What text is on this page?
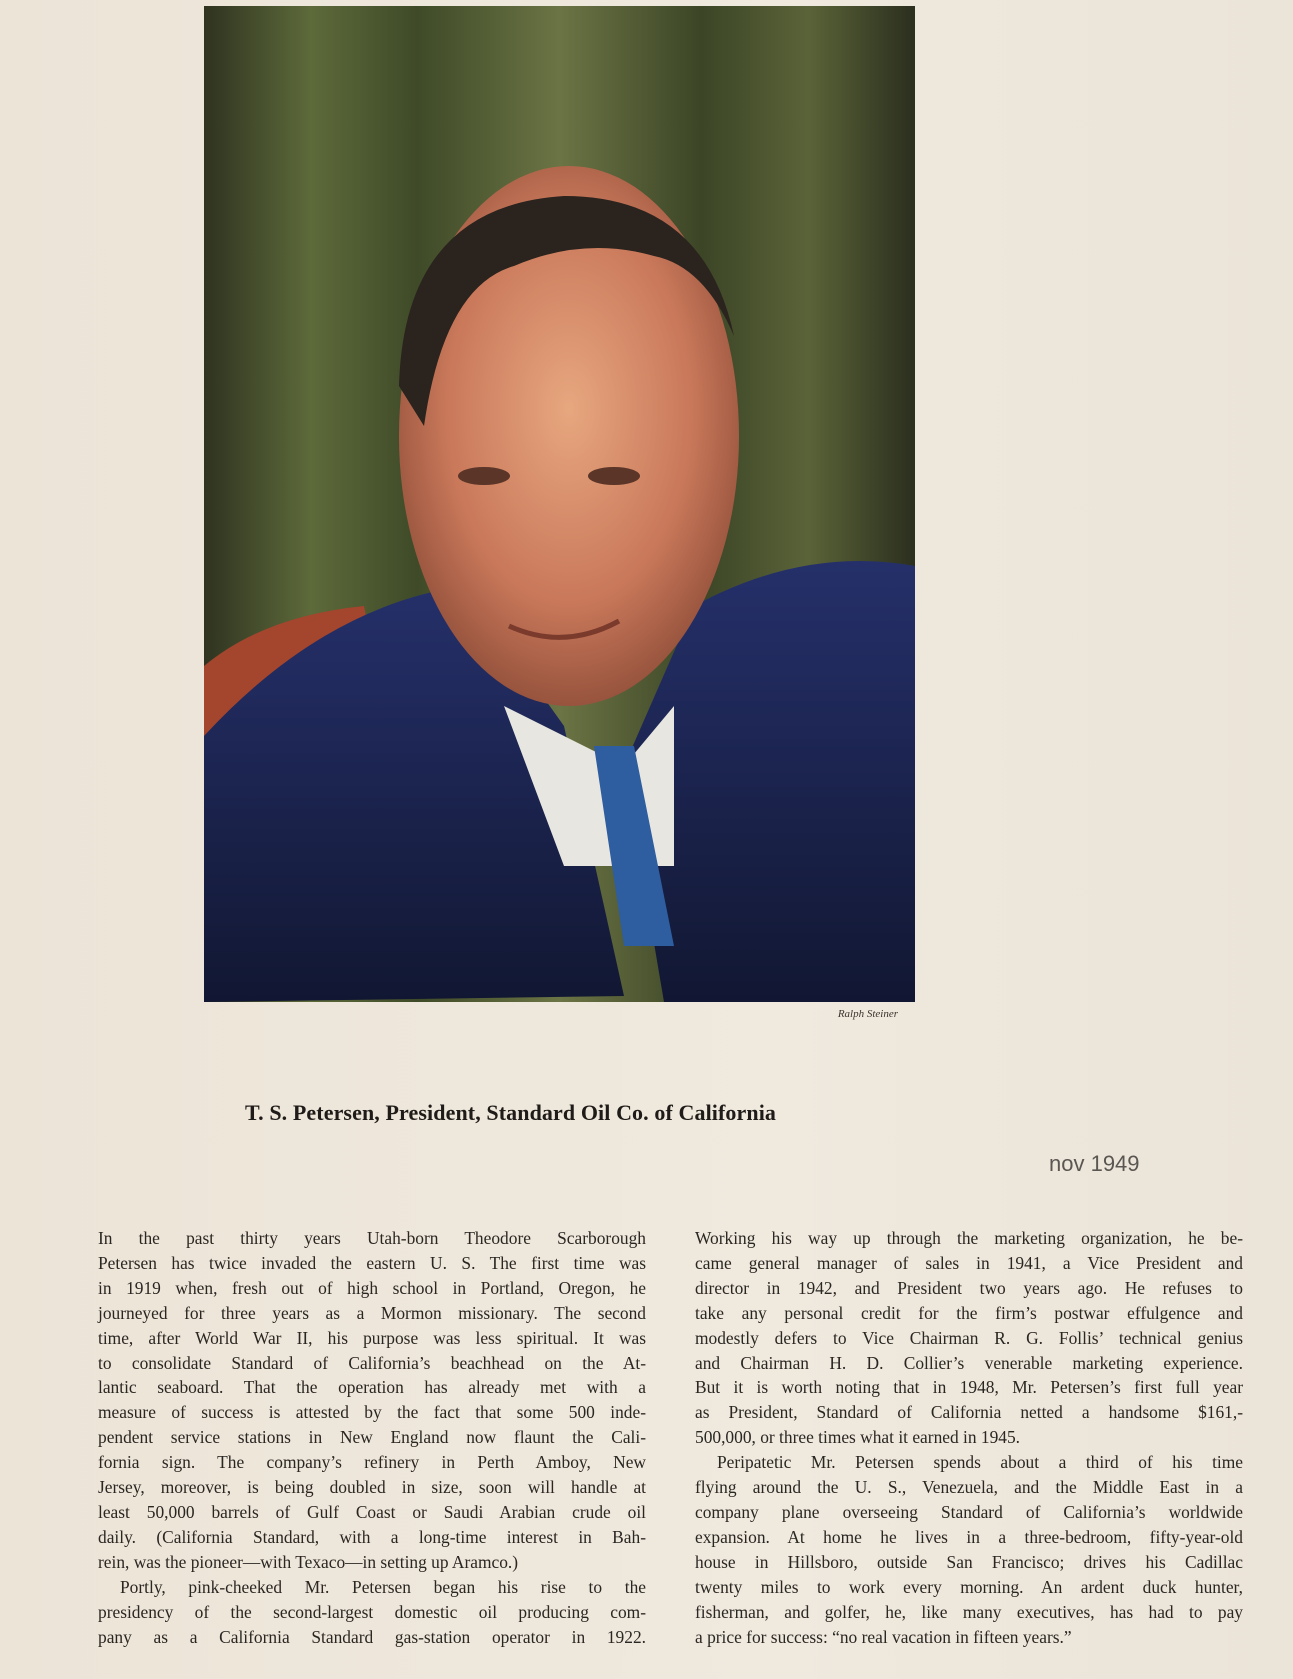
Ralph Steiner
T. S. Petersen, President, Standard Oil Co. of California
nov 1949
In the past thirty years Utah-born Theodore Scarborough
Petersen has twice invaded the eastern U. S. The first time was
in 1919 when, fresh out of high school in Portland, Oregon, he
journeyed for three years as a Mormon missionary. The second
time, after World War II, his purpose was less spiritual. It was
to consolidate Standard of California’s beachhead on the At-
lantic seaboard. That the operation has already met with a
measure of success is attested by the fact that some 500 inde-
pendent service stations in New England now flaunt the Cali-
fornia sign. The company’s refinery in Perth Amboy, New
Jersey, moreover, is being doubled in size, soon will handle at
least 50,000 barrels of Gulf Coast or Saudi Arabian crude oil
daily. (California Standard, with a long-time interest in Bah-
rein, was the pioneer—with Texaco—in setting up Aramco.)
Portly, pink-cheeked Mr. Petersen began his rise to the
presidency of the second-largest domestic oil producing com-
pany as a California Standard gas-station operator in 1922.
Working his way up through the marketing organization, he be-
came general manager of sales in 1941, a Vice President and
director in 1942, and President two years ago. He refuses to
take any personal credit for the firm’s postwar effulgence and
modestly defers to Vice Chairman R. G. Follis’ technical genius
and Chairman H. D. Collier’s venerable marketing experience.
But it is worth noting that in 1948, Mr. Petersen’s first full year
as President, Standard of California netted a handsome $161,-
500,000, or three times what it earned in 1945.
Peripatetic Mr. Petersen spends about a third of his time
flying around the U. S., Venezuela, and the Middle East in a
company plane overseeing Standard of California’s worldwide
expansion. At home he lives in a three-bedroom, fifty-year-old
house in Hillsboro, outside San Francisco; drives his Cadillac
twenty miles to work every morning. An ardent duck hunter,
fisherman, and golfer, he, like many executives, has had to pay
a price for success: “no real vacation in fifteen years.”
